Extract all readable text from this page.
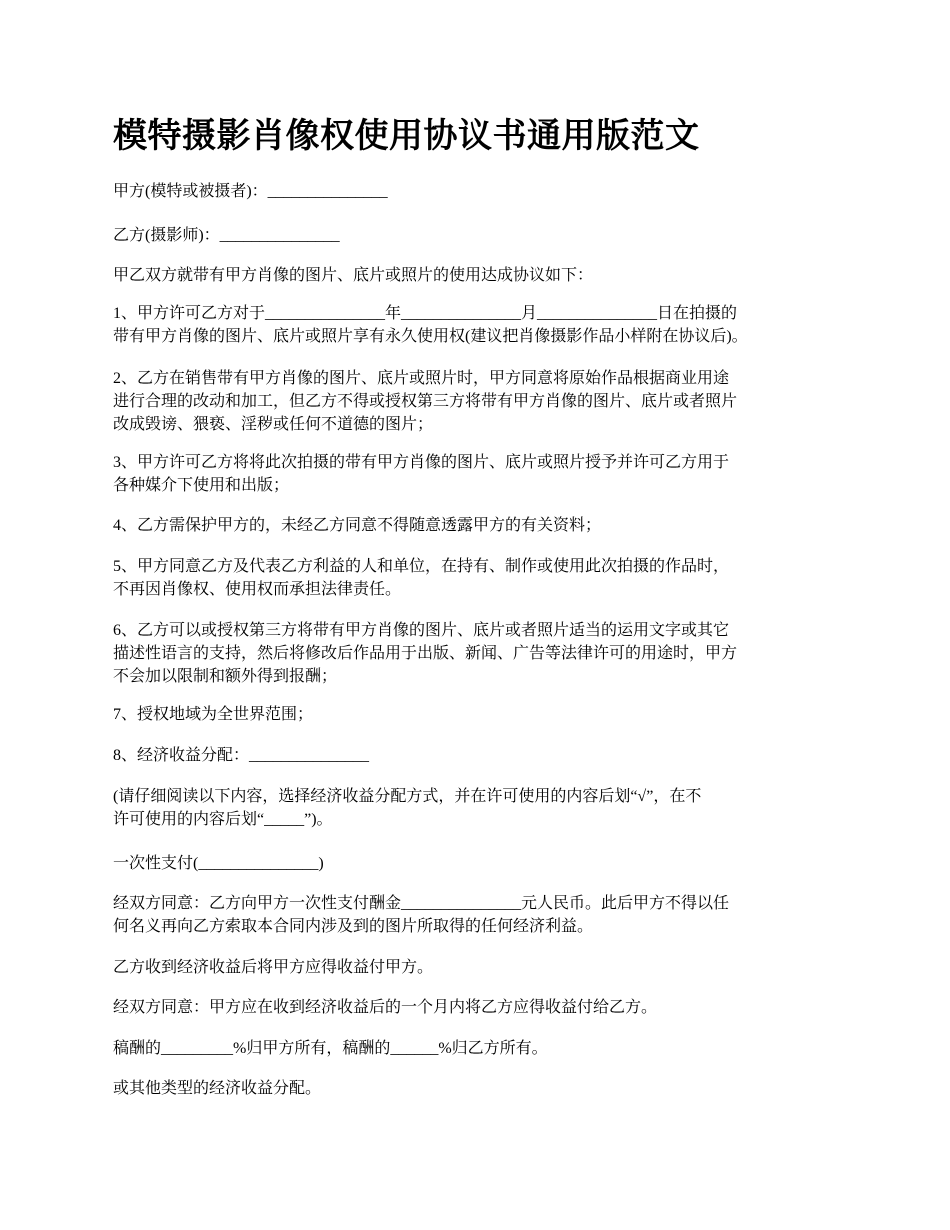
模特摄影肖像权使用协议书通用版范文

甲方(模特或被摄者)：_______________

乙方(摄影师)：_______________

甲乙双方就带有甲方肖像的图片、底片或照片的使用达成协议如下：

1、甲方许可乙方对于_______________年_______________月_______________日在拍摄的
带有甲方肖像的图片、底片或照片享有永久使用权(建议把肖像摄影作品小样附在协议后)。

2、乙方在销售带有甲方肖像的图片、底片或照片时，甲方同意将原始作品根据商业用途
进行合理的改动和加工，但乙方不得或授权第三方将带有甲方肖像的图片、底片或者照片
改成毁谤、猥亵、淫秽或任何不道德的图片；

3、甲方许可乙方将将此次拍摄的带有甲方肖像的图片、底片或照片授予并许可乙方用于
各种媒介下使用和出版；

4、乙方需保护甲方的，未经乙方同意不得随意透露甲方的有关资料；

5、甲方同意乙方及代表乙方利益的人和单位，在持有、制作或使用此次拍摄的作品时，
不再因肖像权、使用权而承担法律责任。

6、乙方可以或授权第三方将带有甲方肖像的图片、底片或者照片适当的运用文字或其它
描述性语言的支持，然后将修改后作品用于出版、新闻、广告等法律许可的用途时，甲方
不会加以限制和额外得到报酬；

7、授权地域为全世界范围；

8、经济收益分配：_______________

(请仔细阅读以下内容，选择经济收益分配方式，并在许可使用的内容后划“√”，在不
许可使用的内容后划“_____”)。

一次性支付(_______________)

经双方同意：乙方向甲方一次性支付酬金_______________元人民币。此后甲方不得以任
何名义再向乙方索取本合同内涉及到的图片所取得的任何经济利益。

乙方收到经济收益后将甲方应得收益付甲方。

经双方同意：甲方应在收到经济收益后的一个月内将乙方应得收益付给乙方。

稿酬的_________%归甲方所有，稿酬的______%归乙方所有。

或其他类型的经济收益分配。
